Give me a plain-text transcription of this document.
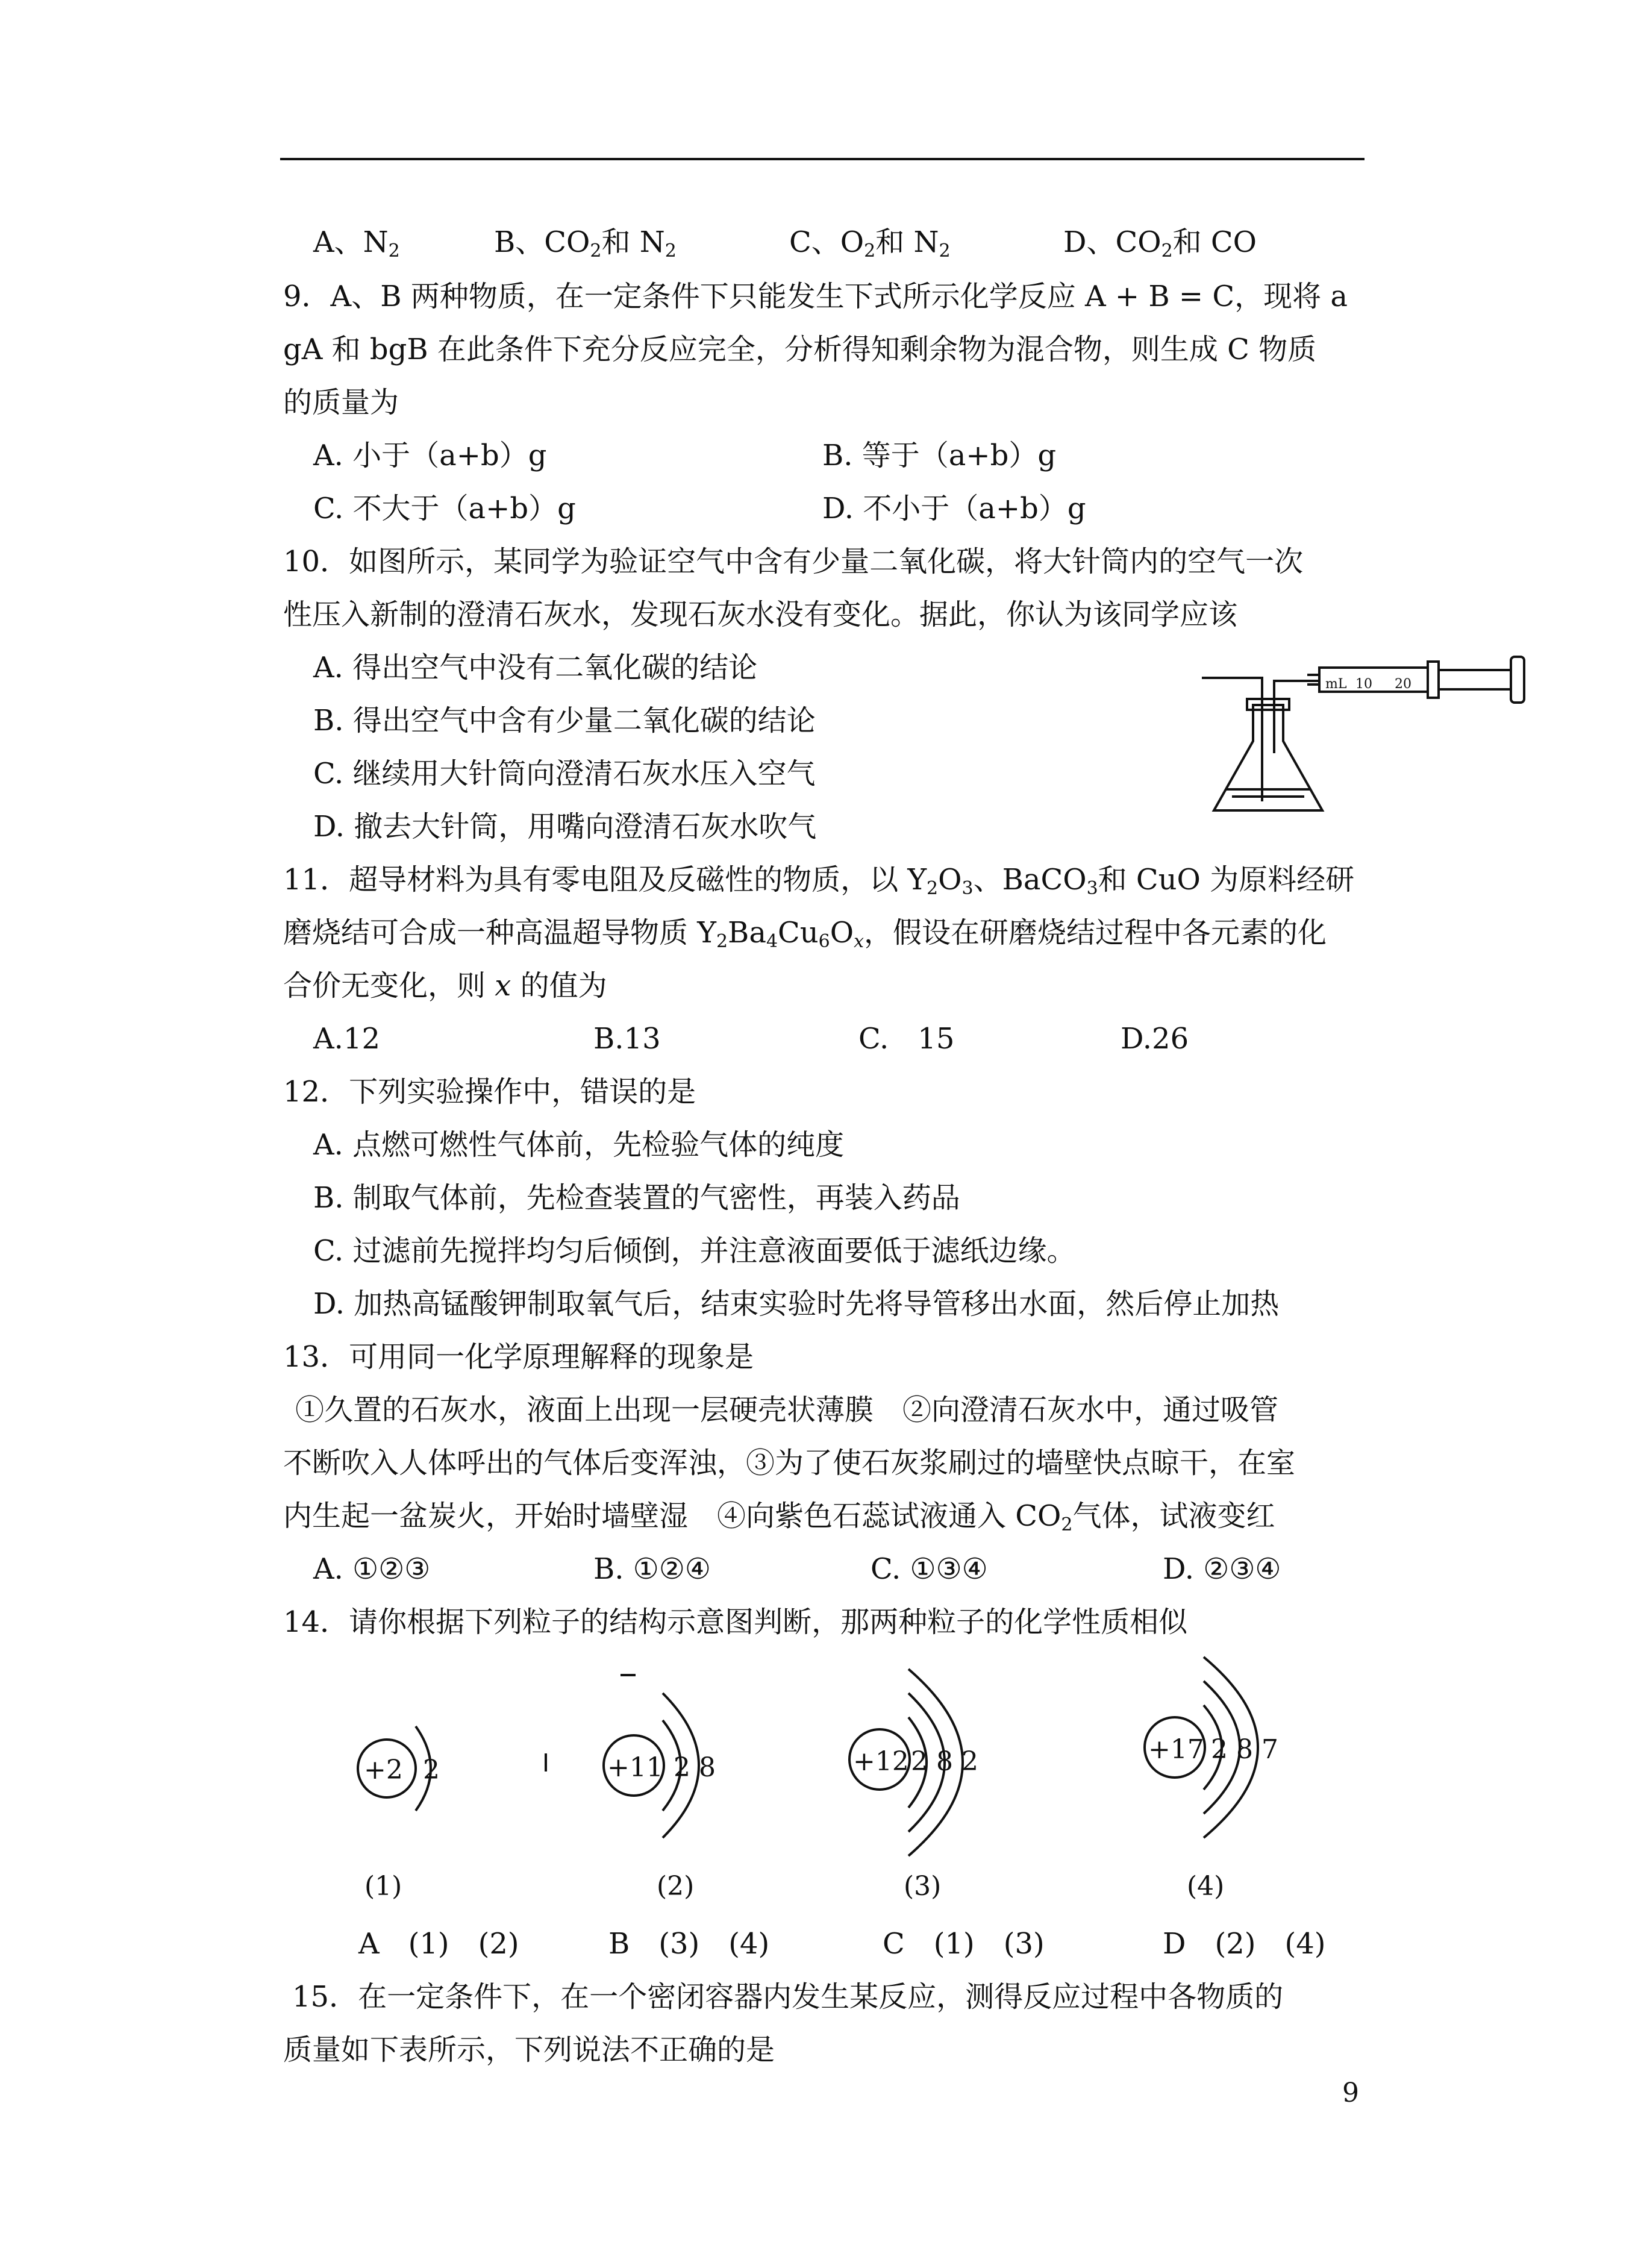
A、$N_2$	B、$CO_2$和 $N_2$	C、$O_2$和 $N_2$	D、$CO_2$和 CO
9．A、B 两种物质，在一定条件下只能发生下式所示化学反应 A + B = C，现将 a
gA 和 bgB 在此条件下充分反应完全，分析得知剩余物为混合物，则生成 C 物质
的质量为
A. 小于（a+b）g	B. 等于（a+b）g
C. 不大于（a+b）g	D. 不小于（a+b）g
10．如图所示，某同学为验证空气中含有少量二氧化碳，将大针筒内的空气一次
性压入新制的澄清石灰水，发现石灰水没有变化。据此，你认为该同学应该
A. 得出空气中没有二氧化碳的结论
B. 得出空气中含有少量二氧化碳的结论
C. 继续用大针筒向澄清石灰水压入空气
D. 撤去大针筒，用嘴向澄清石灰水吹气
mL 10 20
11．超导材料为具有零电阻及反磁性的物质，以 $Y_2O_3$、BaCO$_3$和 CuO 为原料经研
磨烧结可合成一种高温超导物质 $Y_2Ba_4Cu_6O_x$，假设在研磨烧结过程中各元素的化
合价无变化，则 x 的值为
A.12	B.13	C.　15	D.26
12．下列实验操作中，错误的是
A. 点燃可燃性气体前，先检验气体的纯度
B. 制取气体前，先检查装置的气密性，再装入药品
C. 过滤前先搅拌均匀后倾倒，并注意液面要低于滤纸边缘。
D. 加热高锰酸钾制取氧气后，结束实验时先将导管移出水面，然后停止加热
13．可用同一化学原理解释的现象是
①久置的石灰水，液面上出现一层硬壳状薄膜　②向澄清石灰水中，通过吸管
不断吹入人体呼出的气体后变浑浊，③为了使石灰浆刷过的墙壁快点晾干，在室
内生起一盆炭火，开始时墙壁湿　④向紫色石蕊试液通入 $CO_2$气体，试液变红
A. ①②③	B. ①②④	C. ①③④	D. ②③④
14．请你根据下列粒子的结构示意图判断，那两种粒子的化学性质相似
+2 2	+11 2 8	+12 2 8 2	+17 2 8 7
(1)	(2)	(3)	(4)
A　(1)　(2)	B　(3)　(4)	C　(1)　(3)	D　(2)　(4)
15．在一定条件下，在一个密闭容器内发生某反应，测得反应过程中各物质的
质量如下表所示，下列说法不正确的是
9
